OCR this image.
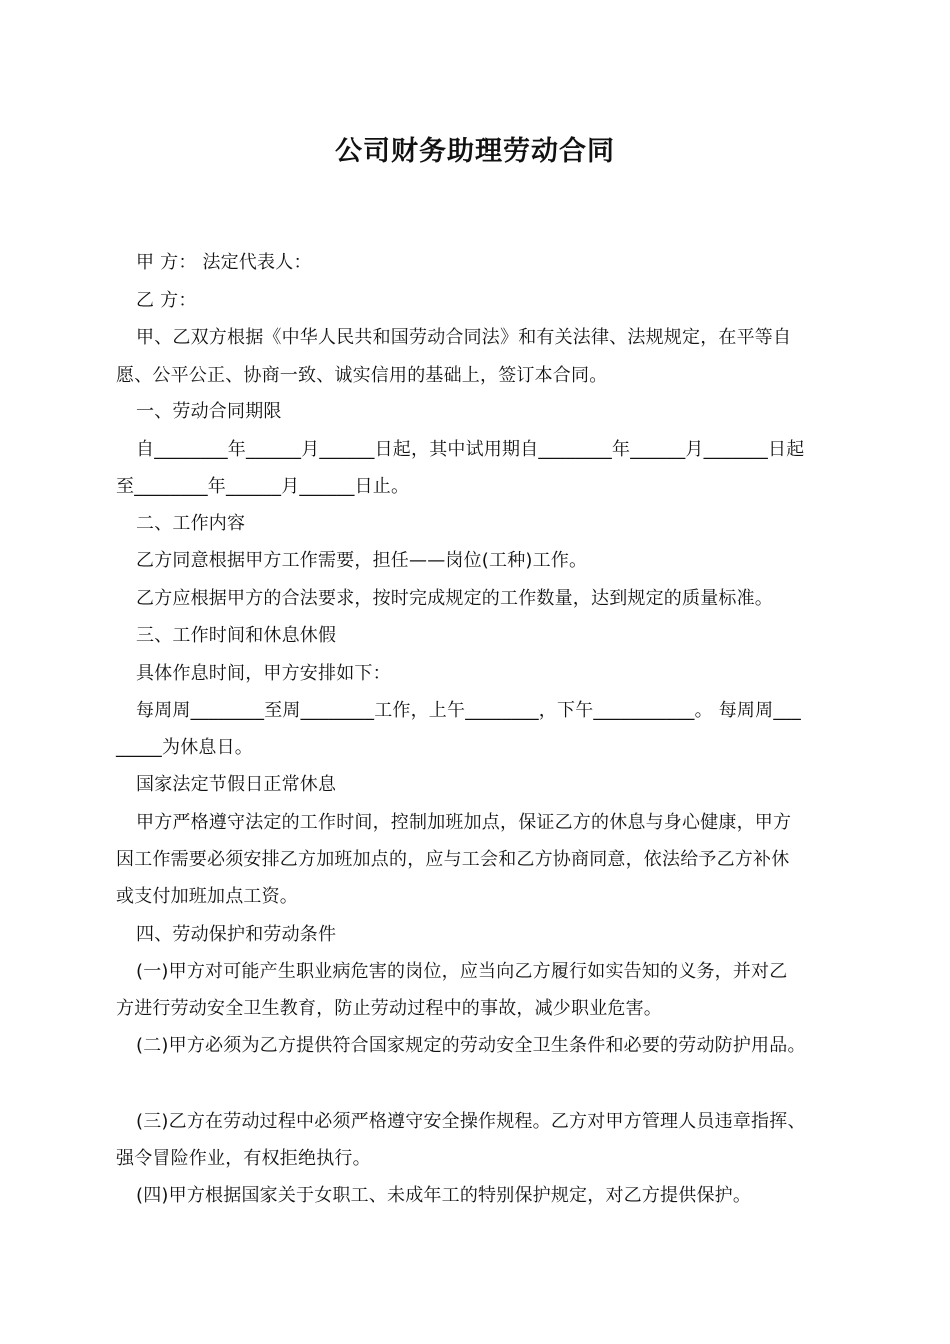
公司财务助理劳动合同
甲 方： 法定代表人：
乙 方：
甲、乙双方根据《中华人民共和国劳动合同法》和有关法律、法规规定，在平等自
愿、公平公正、协商一致、诚实信用的基础上，签订本合同。
一、劳动合同期限
自________年______月______日起，其中试用期自________年______月_______日起
至________年______月______日止。
二、工作内容
乙方同意根据甲方工作需要，担任——岗位(工种)工作。
乙方应根据甲方的合法要求，按时完成规定的工作数量，达到规定的质量标准。
三、工作时间和休息休假
具体作息时间，甲方安排如下：
每周周________至周________工作，上午________，下午___________。 每周周___
_____为休息日。
国家法定节假日正常休息
甲方严格遵守法定的工作时间，控制加班加点，保证乙方的休息与身心健康，甲方
因工作需要必须安排乙方加班加点的，应与工会和乙方协商同意，依法给予乙方补休
或支付加班加点工资。
四、劳动保护和劳动条件
(一)甲方对可能产生职业病危害的岗位，应当向乙方履行如实告知的义务，并对乙
方进行劳动安全卫生教育，防止劳动过程中的事故，减少职业危害。
(二)甲方必须为乙方提供符合国家规定的劳动安全卫生条件和必要的劳动防护用品。
(三)乙方在劳动过程中必须严格遵守安全操作规程。乙方对甲方管理人员违章指挥、
强令冒险作业，有权拒绝执行。
(四)甲方根据国家关于女职工、未成年工的特别保护规定，对乙方提供保护。
